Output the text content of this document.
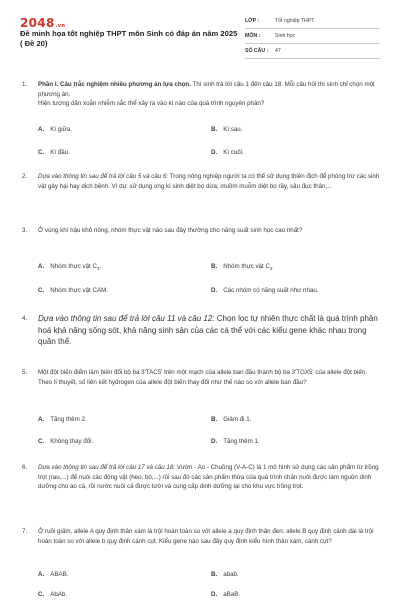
2048.vn
Đề minh họa tốt nghiệp THPT môn Sinh có đáp án năm 2025 ( Đề 20)
LỚP :	Tốt nghiệp THPT
MÔN :	Sinh học
SỐ CÂU :	47
1. Phần I. Câu trắc nghiệm nhiều phương án lựa chọn. Thí sinh trả lời câu 1 đến câu 18. Mỗi câu hỏi thí sinh chỉ chọn một phương án.
Hiện tượng dãn xoắn nhiễm sắc thể xảy ra vào kì nào của quá trình nguyên phân?
A. Kì giữa.	B. Kì sau.
C. Kì đầu.	D. Kì cuối.
2. Dựa vào thông tin sau để trả lời câu 5 và câu 6: Trong nông nghiệp người ta có thể sử dụng thiên địch để phòng trừ các sinh vật gây hại hay dịch bệnh. Ví dụ: sử dụng ong kí sinh diệt bọ dừa; muồm muỗm diệt bọ rầy, sâu đục thân;...
3. Ở vùng khí hậu khô nóng, nhóm thực vật nào sau đây thường cho năng suất sinh học cao nhất?
A. Nhóm thực vật $C_3$.	B. Nhóm thực vật $C_4$.
C. Nhóm thực vật CAM.	D. Các nhóm có năng suất như nhau.
4. Dựa vào thông tin sau để trả lời câu 11 và câu 12: Chọn lọc tự nhiên thực chất là quá trình phân hoá khả năng sống sót, khả năng sinh sản của các cá thể với các kiểu gene khác nhau trong quần thể.
5. Một đột biến điểm làm biến đổi bộ ba 3'TAC5' trên một mạch của allele ban đầu thành bộ ba 3'TGX5' của allele đột biến. Theo lí thuyết, số liên kết hydrogen của allele đột biến thay đổi như thế nào so với allele ban đầu?
A. Tăng thêm 2.	B. Giảm đi 1.
C. Không thay đổi.	D. Tăng thêm 1.
6. Dựa vào thông tin sau để trả lời câu 17 và câu 18: Vườn - Ao - Chuồng (V-A-C) là 1 mô hình sử dụng các sản phẩm từ trồng trọt (rau,...) để nuôi các động vật (heo, bò,...) rồi sau đó các sản phẩm thừa của quá trình chăn nuôi được làm nguồn dinh dưỡng cho ao cá, rồi nước nuôi cá được tưới và cung cấp dinh dưỡng lại cho khu vực trồng trọt.
7. Ở ruồi giấm, allele A quy định thân xám là trội hoàn toàn so với allele a quy định thân đen; allele B quy định cánh dài là trội hoàn toàn so với allele b quy định cánh cụt. Kiểu gene nào sau đây quy định kiểu hình thân xám, cánh cụt?
A. ABAB.	B. abab.
C. AbAb.	D. aBaB.
